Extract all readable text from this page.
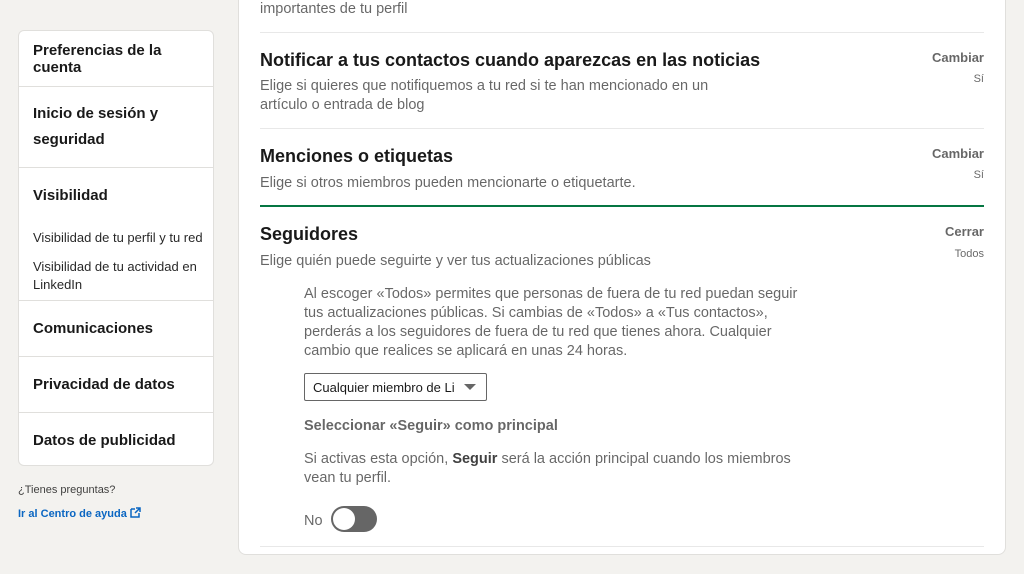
Preferencias de la cuenta
Inicio de sesión y seguridad
Visibilidad
Visibilidad de tu perfil y tu red
Visibilidad de tu actividad en LinkedIn
Comunicaciones
Privacidad de datos
Datos de publicidad
¿Tienes preguntas?
Ir al Centro de ayuda
importantes de tu perfil
Notificar a tus contactos cuando aparezcas en las noticias
Elige si quieres que notifiquemos a tu red si te han mencionado en un artículo o entrada de blog
Cambiar
Sí
Menciones o etiquetas
Elige si otros miembros pueden mencionarte o etiquetarte.
Cambiar
Sí
Seguidores
Elige quién puede seguirte y ver tus actualizaciones públicas
Cerrar
Todos
Al escoger «Todos» permites que personas de fuera de tu red puedan seguir tus actualizaciones públicas. Si cambias de «Todos» a «Tus contactos», perderás a los seguidores de fuera de tu red que tienes ahora. Cualquier cambio que realices se aplicará en unas 24 horas.
Cualquier miembro de Li
Seleccionar «Seguir» como principal
Si activas esta opción, Seguir será la acción principal cuando los miembros vean tu perfil.
No
